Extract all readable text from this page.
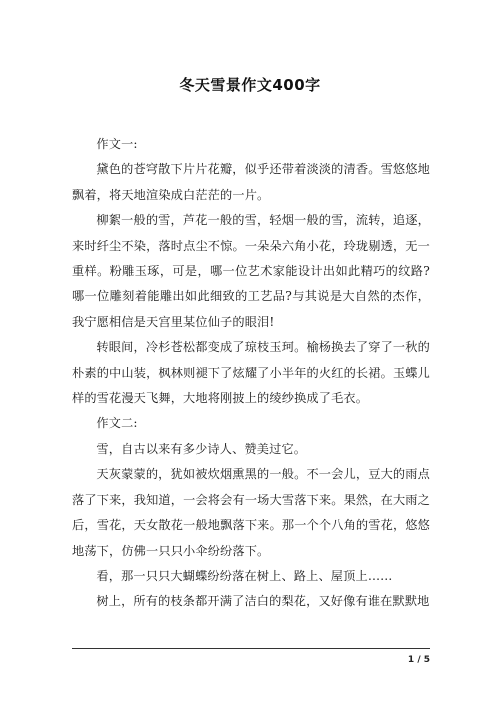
冬天雪景作文400字

作文一:

黛色的苍穹散下片片花瓣，似乎还带着淡淡的清香。雪悠悠地飘着，将天地渲染成白茫茫的一片。

柳絮一般的雪，芦花一般的雪，轻烟一般的雪，流转，追逐，来时纤尘不染，落时点尘不惊。一朵朵六角小花，玲珑剔透，无一重样。粉雕玉琢，可是，哪一位艺术家能设计出如此精巧的纹路?哪一位雕刻着能雕出如此细致的工艺品?与其说是大自然的杰作，我宁愿相信是天宫里某位仙子的眼泪!

转眼间，冷杉苍松都变成了琼枝玉珂。榆杨换去了穿了一秋的朴素的中山装，枫林则褪下了炫耀了小半年的火红的长裙。玉蝶儿样的雪花漫天飞舞，大地将刚披上的绫纱换成了毛衣。

作文二:

雪，自古以来有多少诗人、赞美过它。

天灰蒙蒙的，犹如被炊烟熏黑的一般。不一会儿，豆大的雨点落了下来，我知道，一会将会有一场大雪落下来。果然，在大雨之后，雪花，天女散花一般地飘落下来。那一个个八角的雪花，悠悠地荡下，仿佛一只只小伞纷纷落下。

看，那一只只大蝴蝶纷纷落在树上、路上、屋顶上……

树上，所有的枝条都开满了洁白的梨花，又好像有谁在默默地

1 / 5
